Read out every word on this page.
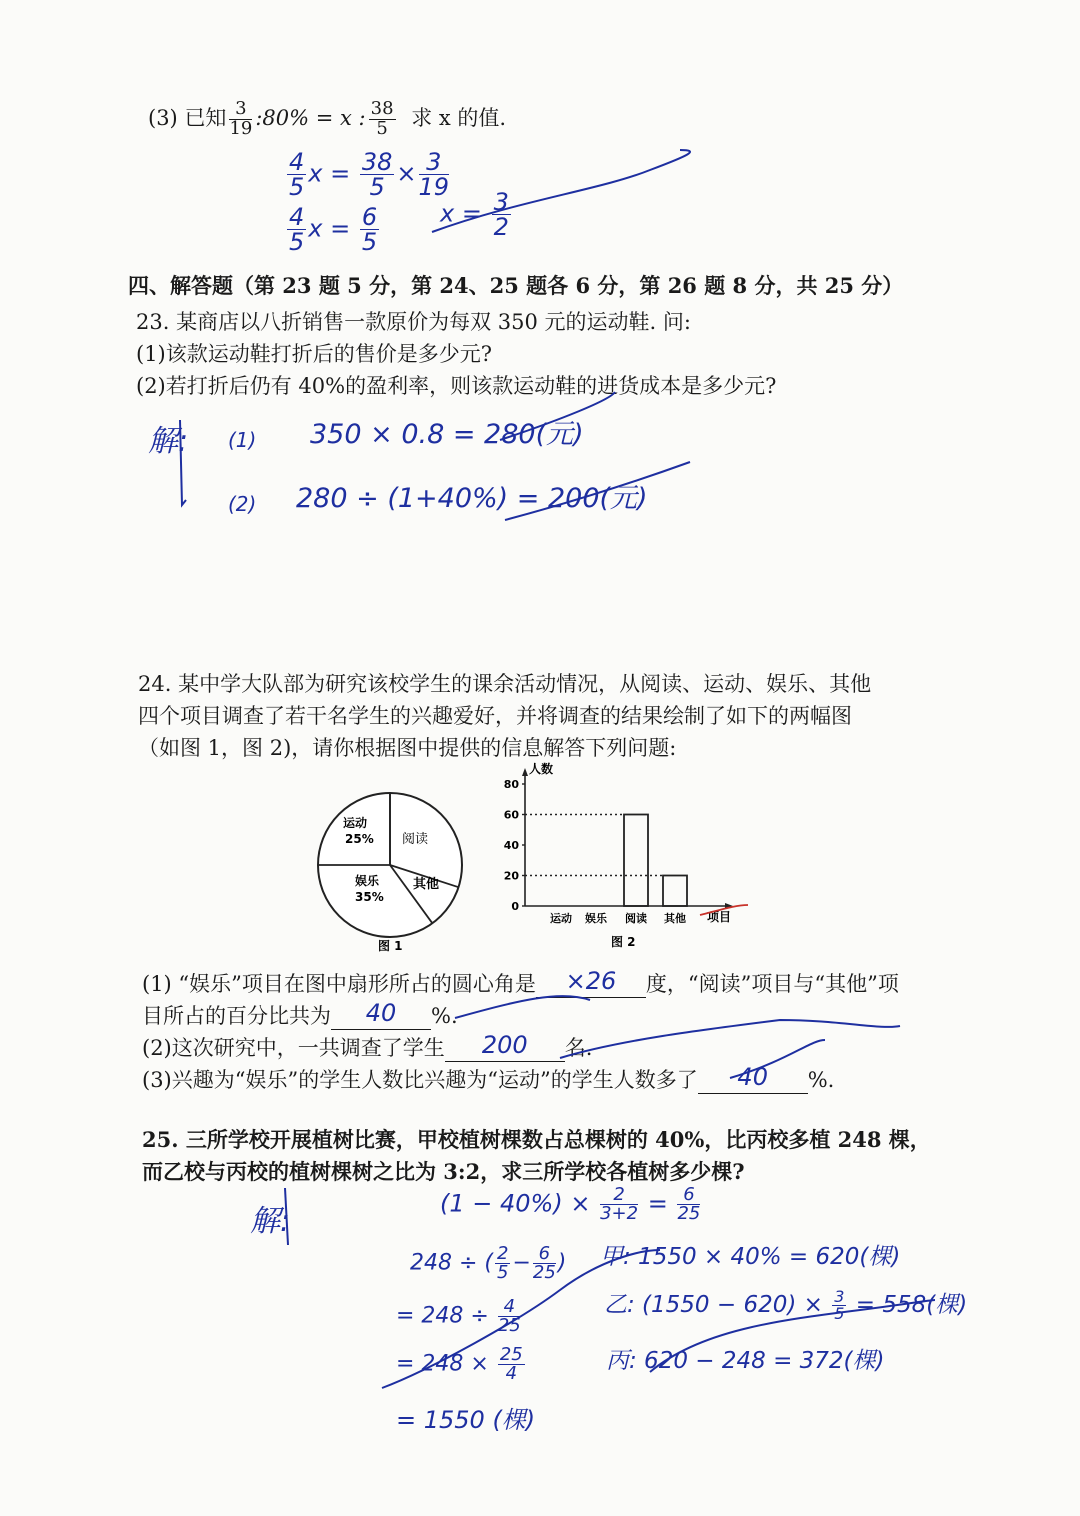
(3) 已知 $\frac{3}{19}$ :80% = x : $\frac{38}{5}$ 求 x 的值.
$\frac{4}{5}$ $x = \frac{38}{5} \times \frac{3}{19}$
$\frac{4}{5}$ $x = \frac{6}{5}$	$x = \frac{3}{2}$
四、解答题（第 23 题 5 分，第 24、25 题各 6 分，第 26 题 8 分，共 25 分）
23. 某商店以八折销售一款原价为每双 350 元的运动鞋. 问:
(1)该款运动鞋打折后的售价是多少元?
(2)若打折后仍有 40%的盈利率，则该款运动鞋的进货成本是多少元?
解: (1) 350 × 0.8 = 280(元)
(2) 280 ÷ (1+40%) = 200(元)
24. 某中学大队部为研究该校学生的课余活动情况，从阅读、运动、娱乐、其他
四个项目调查了若干名学生的兴趣爱好，并将调查的结果绘制了如下的两幅图
（如图 1，图 2)，请你根据图中提供的信息解答下列问题:
运动
25% 阅读
其他
娱乐
35%
图 1
0
20
40
60
80
运动 娱乐 阅读 其他
人数
项目
图 2
(1) “娱乐”项目在图中扇形所占的圆心角是	×26	度，“阅读”项目与“其他”项
目所占的百分比共为	40	%.
(2)这次研究中，一共调查了学生	200	名.
(3)兴趣为“娱乐”的学生人数比兴趣为“运动”的学生人数多了	40	%.
25. 三所学校开展植树比赛，甲校植树棵数占总棵树的 40%，比丙校多植 248 棵，
而乙校与丙校的植树棵树之比为 3:2，求三所学校各植树多少棵?
解:
$(1 - 40\%) \times \frac{2}{3+2} = \frac{6}{25}$
248 ÷ ( $\frac{2}{5} - \frac{6}{25}$ )
= $248 \div \frac{4}{25}$
= $248 \times \frac{25}{4}$
= 1550 (棵)
甲: 1550 × 40% = 620(棵)
乙: $(1550 - 620) \times \frac{3}{5} = 558$(棵)
丙: 620 − 248 = 372(棵)
